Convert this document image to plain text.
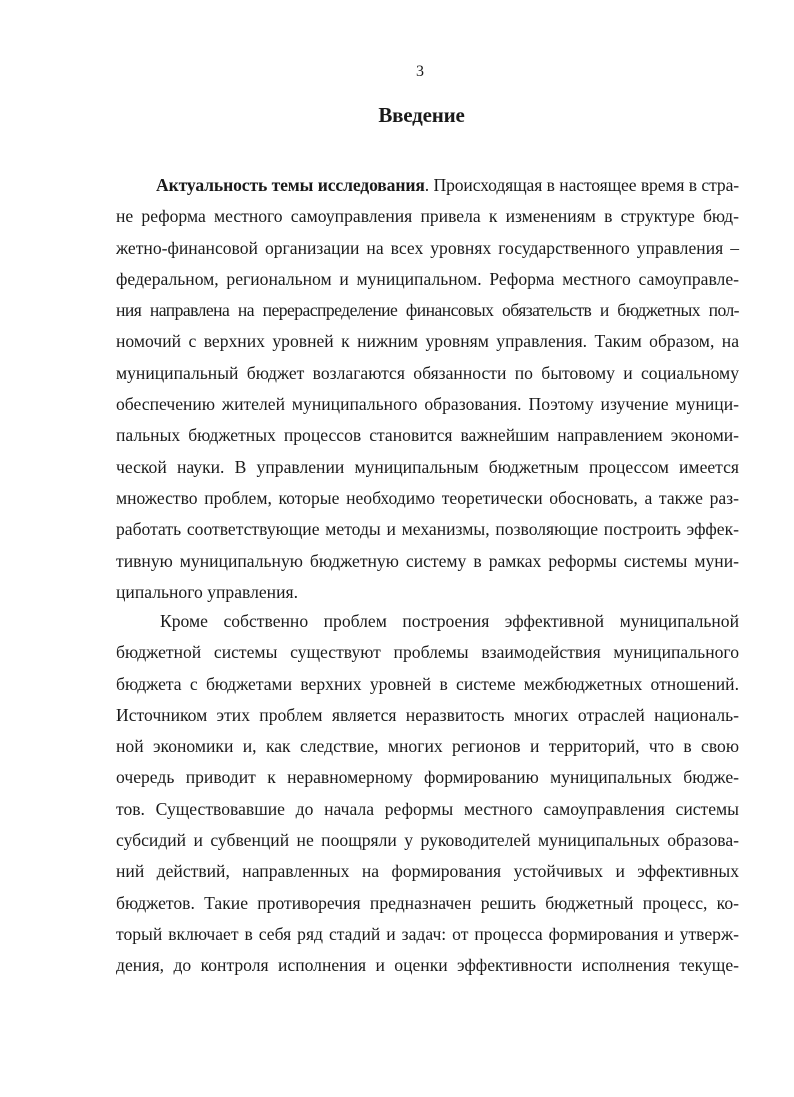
3
Введение
Актуальность темы исследования. Происходящая в настоящее время в стра-
не реформа местного самоуправления привела к изменениям в структуре бюд-
жетно-финансовой организации на всех уровнях государственного управления –
федеральном, региональном и муниципальном. Реформа местного самоуправле-
ния направлена на перераспределение финансовых обязательств и бюджетных пол-
номочий с верхних уровней к нижним уровням управления. Таким образом, на
муниципальный бюджет возлагаются обязанности по бытовому и социальному
обеспечению жителей муниципального образования. Поэтому изучение муници-
пальных бюджетных процессов становится важнейшим направлением экономи-
ческой науки. В управлении муниципальным бюджетным процессом имеется
множество проблем, которые необходимо теоретически обосновать, а также раз-
работать соответствующие методы и механизмы, позволяющие построить эффек-
тивную муниципальную бюджетную систему в рамках реформы системы муни-
ципального управления.
Кроме собственно проблем построения эффективной муниципальной
бюджетной системы существуют проблемы взаимодействия муниципального
бюджета с бюджетами верхних уровней в системе межбюджетных отношений.
Источником этих проблем является неразвитость многих отраслей националь-
ной экономики и, как следствие, многих регионов и территорий, что в свою
очередь приводит к неравномерному формированию муниципальных бюдже-
тов. Существовавшие до начала реформы местного самоуправления системы
субсидий и субвенций не поощряли у руководителей муниципальных образова-
ний действий, направленных на формирования устойчивых и эффективных
бюджетов. Такие противоречия предназначен решить бюджетный процесс, ко-
торый включает в себя ряд стадий и задач: от процесса формирования и утверж-
дения, до контроля исполнения и оценки эффективности исполнения текуще-
